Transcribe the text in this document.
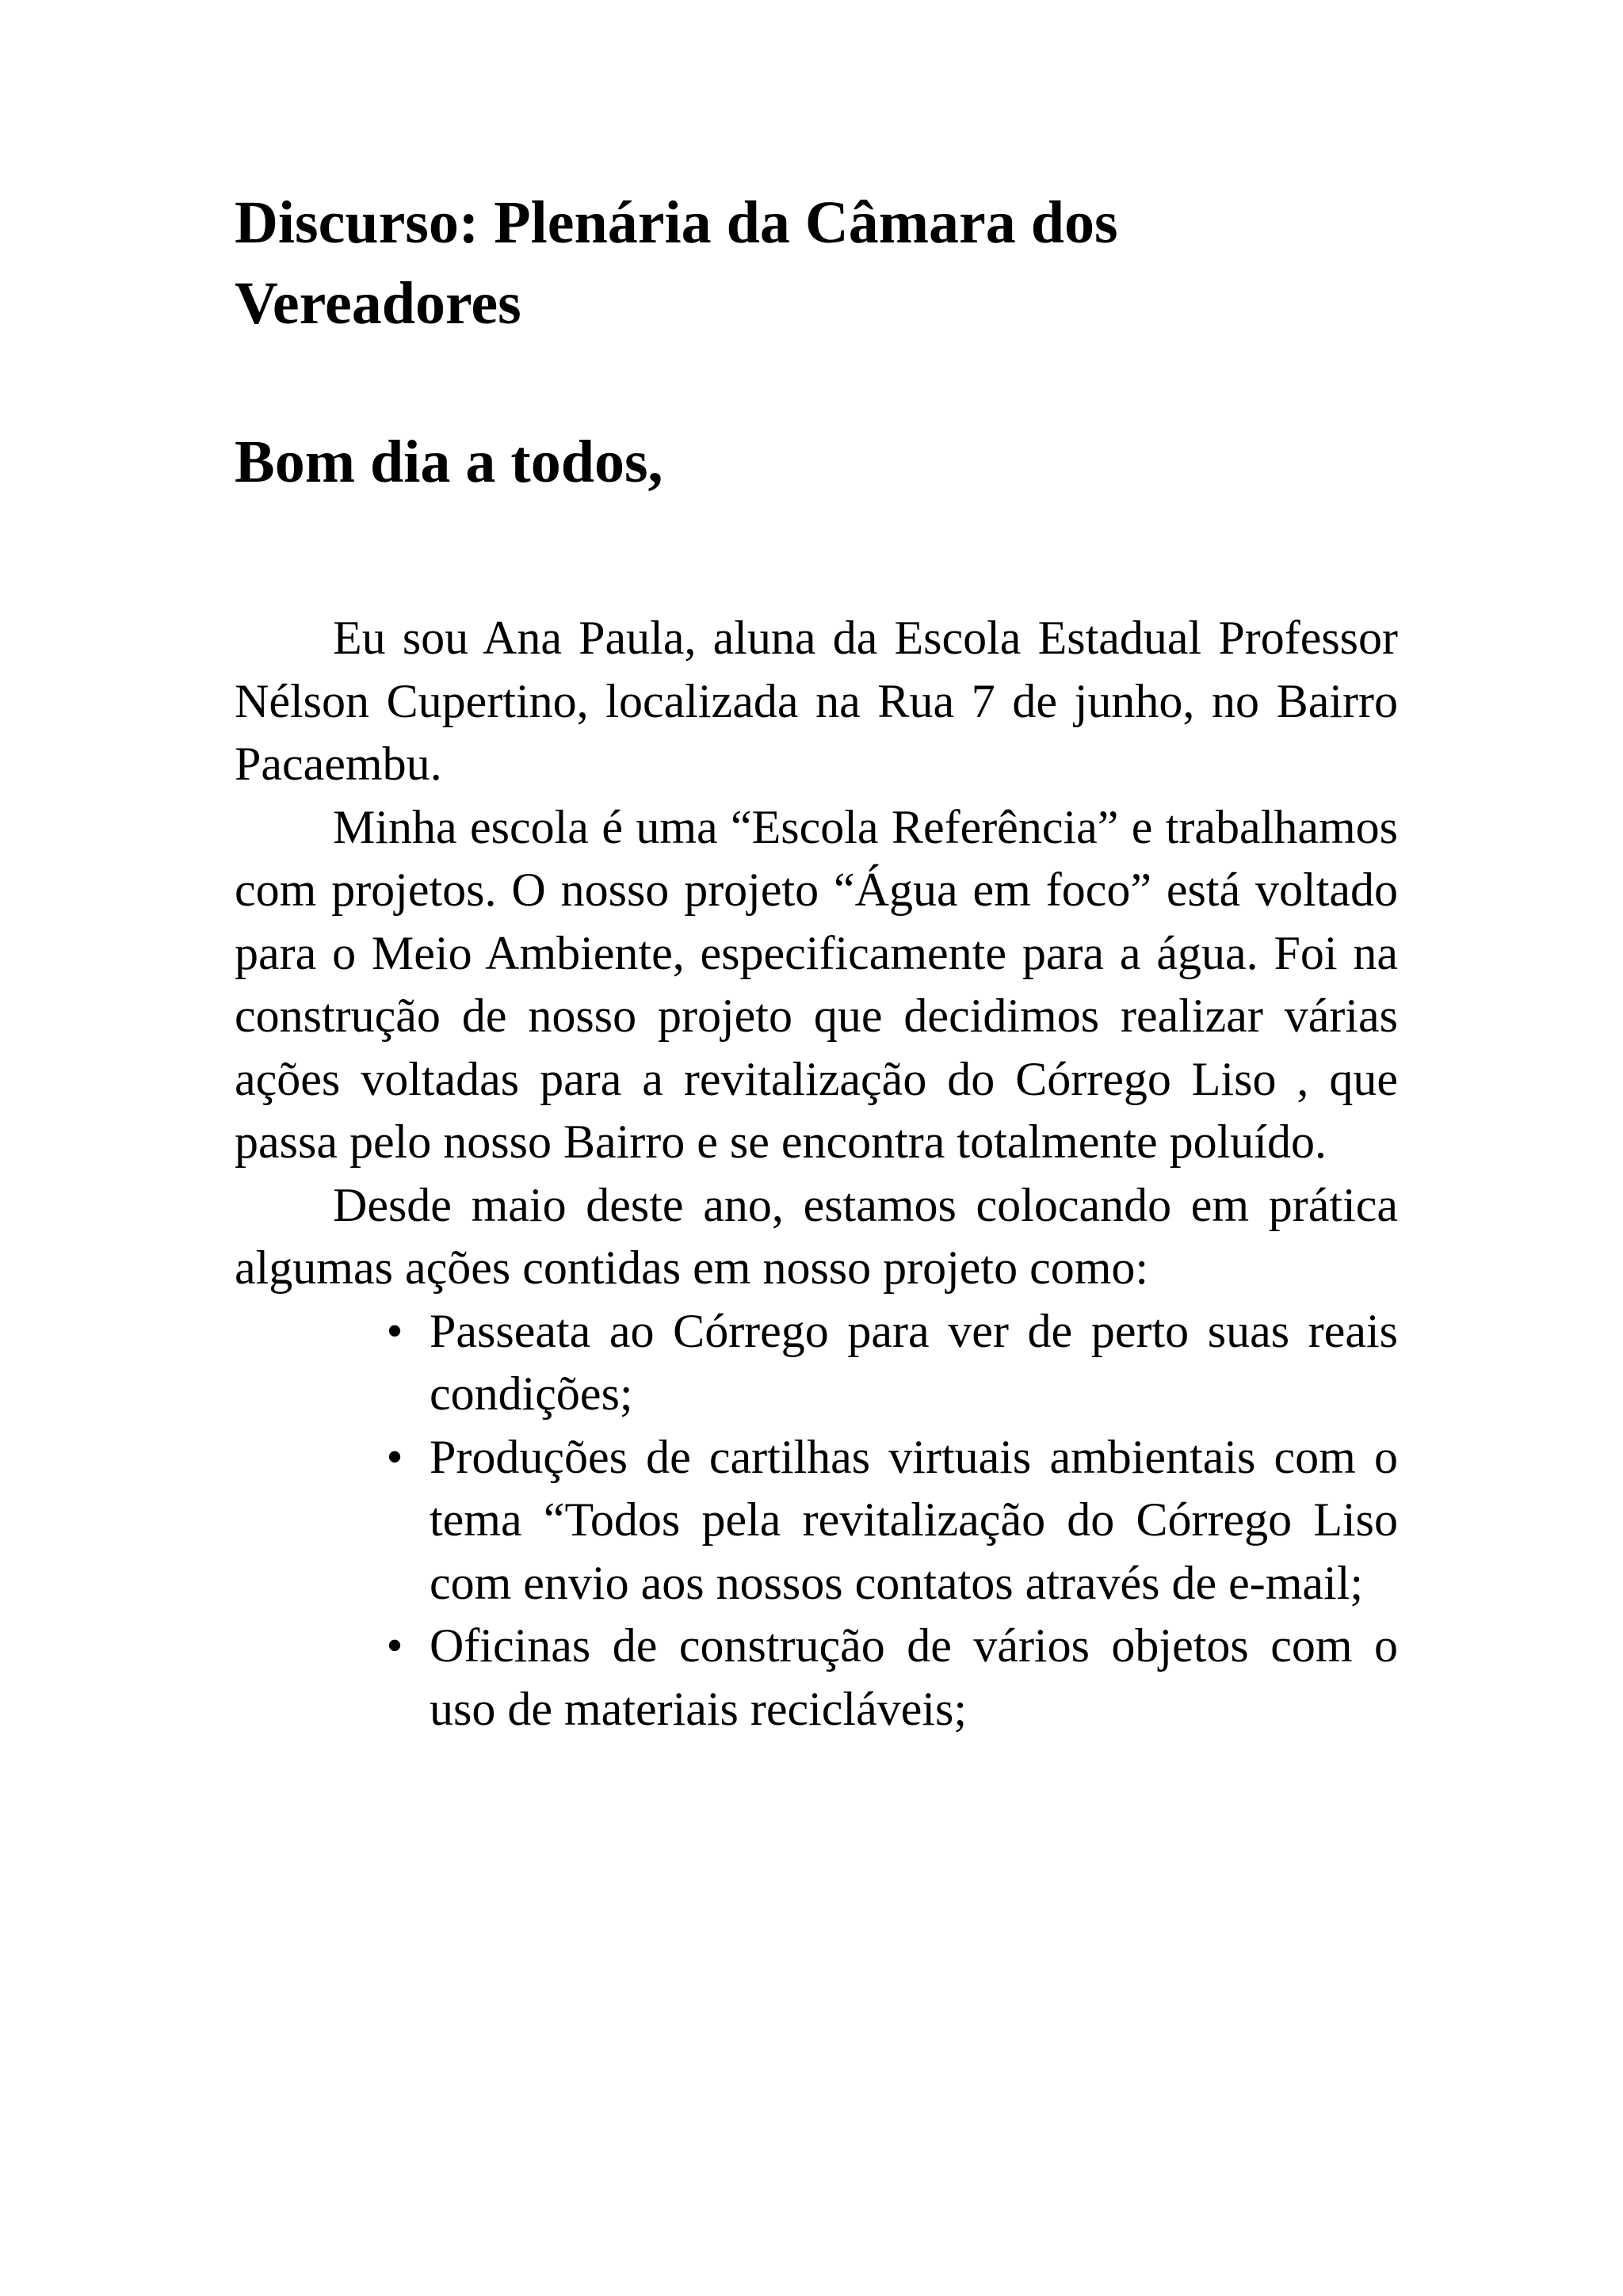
Discurso: Plenária da Câmara dos Vereadores
Bom dia a todos,

Eu sou Ana Paula, aluna da Escola Estadual Professor Nélson Cupertino, localizada na Rua 7 de junho, no Bairro Pacaembu.

Minha escola é uma “Escola Referência” e trabalhamos com projetos. O nosso projeto “Água em foco” está voltado para o Meio Ambiente, especificamente para a água. Foi na construção de nosso projeto que decidimos realizar várias ações voltadas para a revitalização do Córrego Liso , que passa pelo nosso Bairro e se encontra totalmente poluído.

Desde maio deste ano, estamos colocando em prática algumas ações contidas em nosso projeto como:

• Passeata ao Córrego para ver de perto suas reais condições;
• Produções de cartilhas virtuais ambientais com o tema “Todos pela revitalização do Córrego Liso com envio aos nossos contatos através de e-mail;
• Oficinas de construção de vários objetos com o uso de materiais recicláveis;
